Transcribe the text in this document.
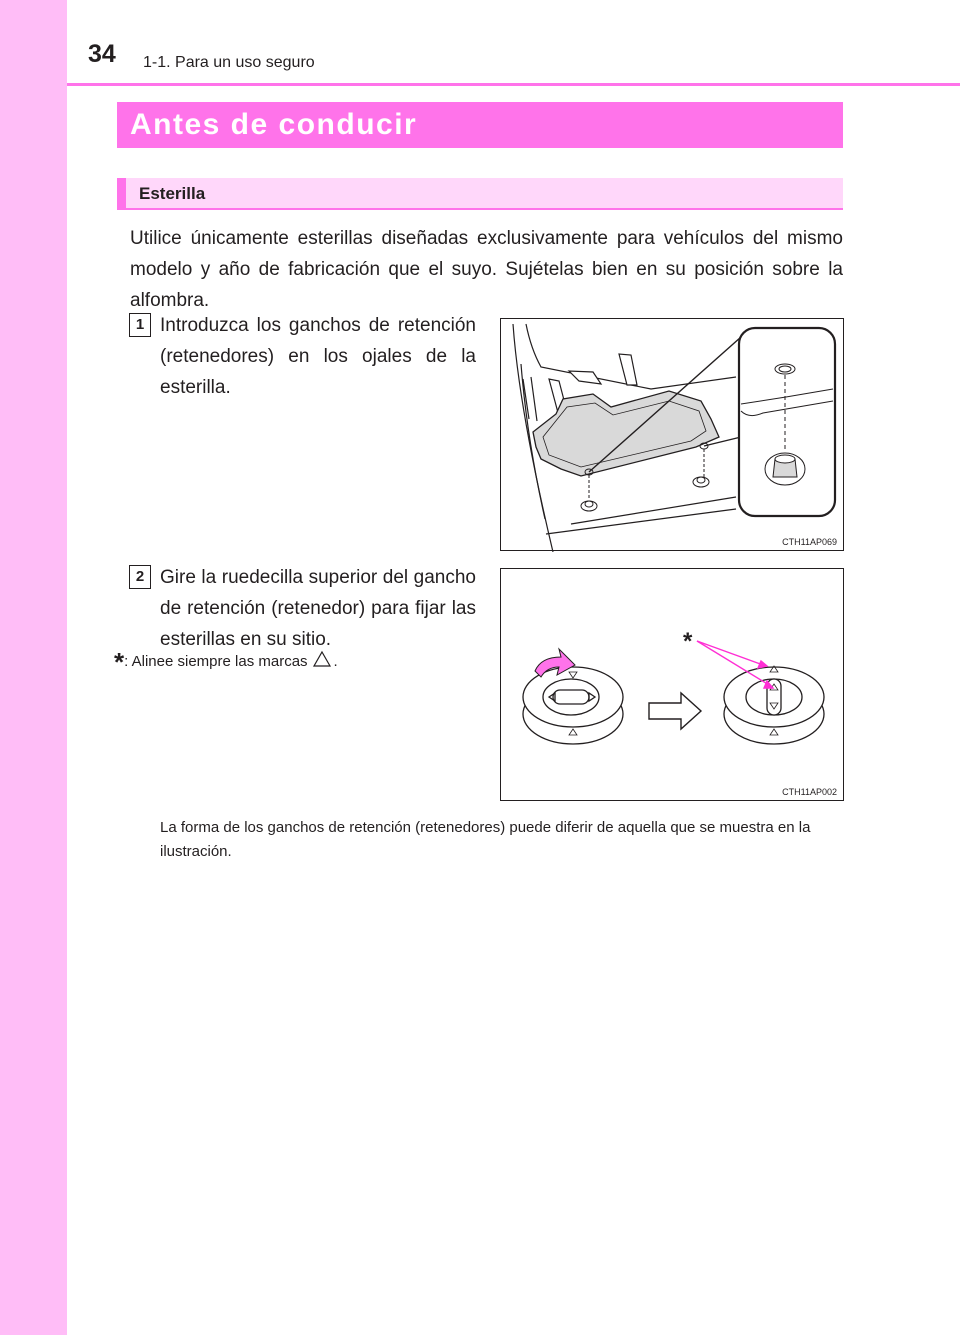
34 1-1. Para un uso seguro
Antes de conducir
Esterilla
Utilice únicamente esterillas diseñadas exclusivamente para vehículos del mismo modelo y año de fabricación que el suyo. Sujételas bien en su posición sobre la alfombra.
1 Introduzca los ganchos de retención (retenedores) en los ojales de la esterilla.
CTH11AP069
2 Gire la ruedecilla superior del gancho de retención (retenedor) para fijar las esterillas en su sitio.
*: Alinee siempre las marcas .
*
CTH11AP002
La forma de los ganchos de retención (retenedores) puede diferir de aquella que se muestra en la ilustración.
